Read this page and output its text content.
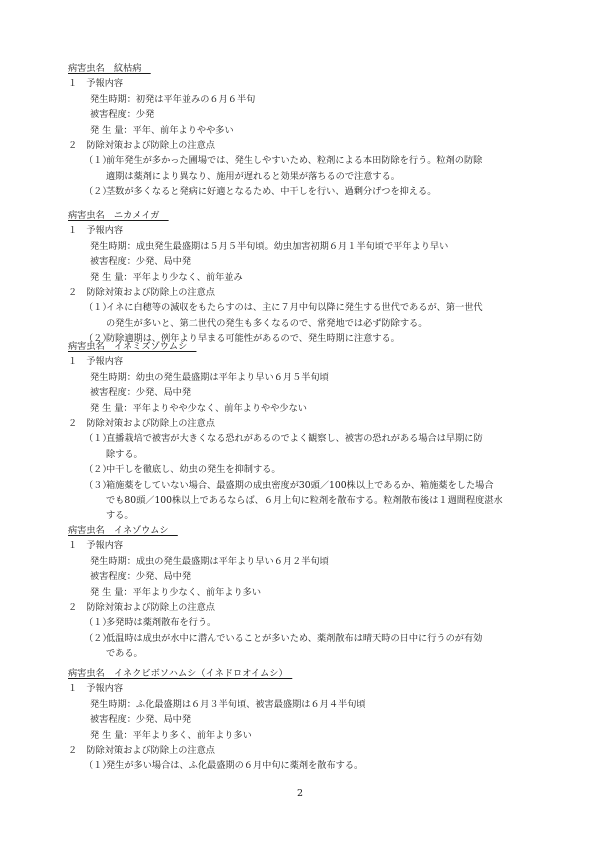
病害虫名　紋枯病　
１　予報内容
発生時期：初発は平年並みの６月６半旬
被害程度：少発
発 生 量：平年、前年よりやや多い
２　防除対策および防除上の注意点
（１）
前年発生が多かった圃場では、発生しやすいため、粒剤による本田防除を行う。粒剤の防除
適期は薬剤により異なり、施用が遅れると効果が落ちるので注意する。
（２）
茎数が多くなると発病に好適となるため、中干しを行い、過剰分げつを抑える。
病害虫名　ニカメイガ　
１　予報内容
発生時期：成虫発生最盛期は５月５半旬頃。幼虫加害初期６月１半旬頃で平年より早い
被害程度：少発、局中発
発 生 量：平年より少なく、前年並み
２　防除対策および防除上の注意点
（１）
イネに白穂等の減収をもたらすのは、主に７月中旬以降に発生する世代であるが、第一世代
の発生が多いと、第二世代の発生も多くなるので、常発地では必ず防除する。
（２）
防除適期は、例年より早まる可能性があるので、発生時期に注意する。
病害虫名　イネミズゾウムシ　
１　予報内容
発生時期：幼虫の発生最盛期は平年より早い６月５半旬頃
被害程度：少発、局中発
発 生 量：平年よりやや少なく、前年よりやや少ない
２　防除対策および防除上の注意点
（１）
直播栽培で被害が大きくなる恐れがあるのでよく観察し、被害の恐れがある場合は早期に防
除する。
（２）
中干しを徹底し、幼虫の発生を抑制する。
（３）
箱施薬をしていない場合、最盛期の成虫密度が30頭／100株以上であるか、箱施薬をした場合
でも80頭／100株以上であるならば、６月上旬に粒剤を散布する。粒剤散布後は１週間程度湛水
する。
病害虫名　イネゾウムシ　
１　予報内容
発生時期：成虫の発生最盛期は平年より早い６月２半旬頃
被害程度：少発、局中発
発 生 量：平年より少なく、前年より多い
２　防除対策および防除上の注意点
（１）
多発時は薬剤散布を行う。
（２）
低温時は成虫が水中に潜んでいることが多いため、薬剤散布は晴天時の日中に行うのが有効
である。
病害虫名　イネクビボソハムシ（イネドロオイムシ）　
１　予報内容
発生時期：ふ化最盛期は６月３半旬頃、被害最盛期は６月４半旬頃
被害程度：少発、局中発
発 生 量：平年より多く、前年より多い
２　防除対策および防除上の注意点
（１）
発生が多い場合は、ふ化最盛期の６月中旬に薬剤を散布する。
2
